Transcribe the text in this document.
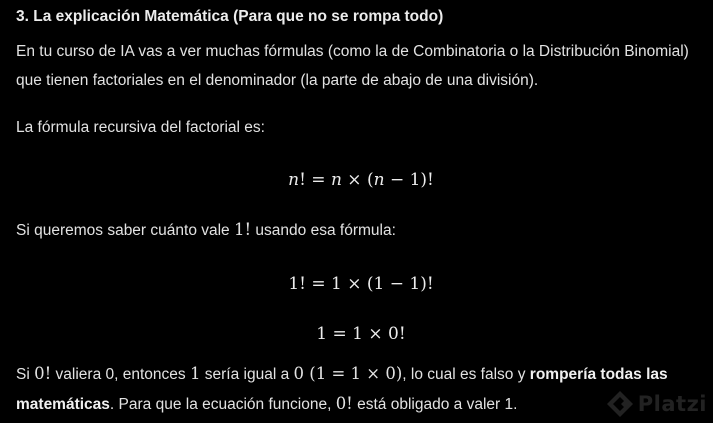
3. La explicación Matemática (Para que no se rompa todo)

En tu curso de IA vas a ver muchas fórmulas (como la de Combinatoria o la Distribución Binomial) que tienen factoriales en el denominador (la parte de abajo de una división).

La fórmula recursiva del factorial es:

n! = n × (n − 1)!

Si queremos saber cuánto vale 1! usando esa fórmula:

1! = 1 × (1 − 1)!
1 = 1 × 0!

Si 0! valiera 0, entonces 1 sería igual a 0 (1 = 1 × 0), lo cual es falso y rompería todas las matemáticas. Para que la ecuación funcione, 0! está obligado a valer 1.	Platzi
